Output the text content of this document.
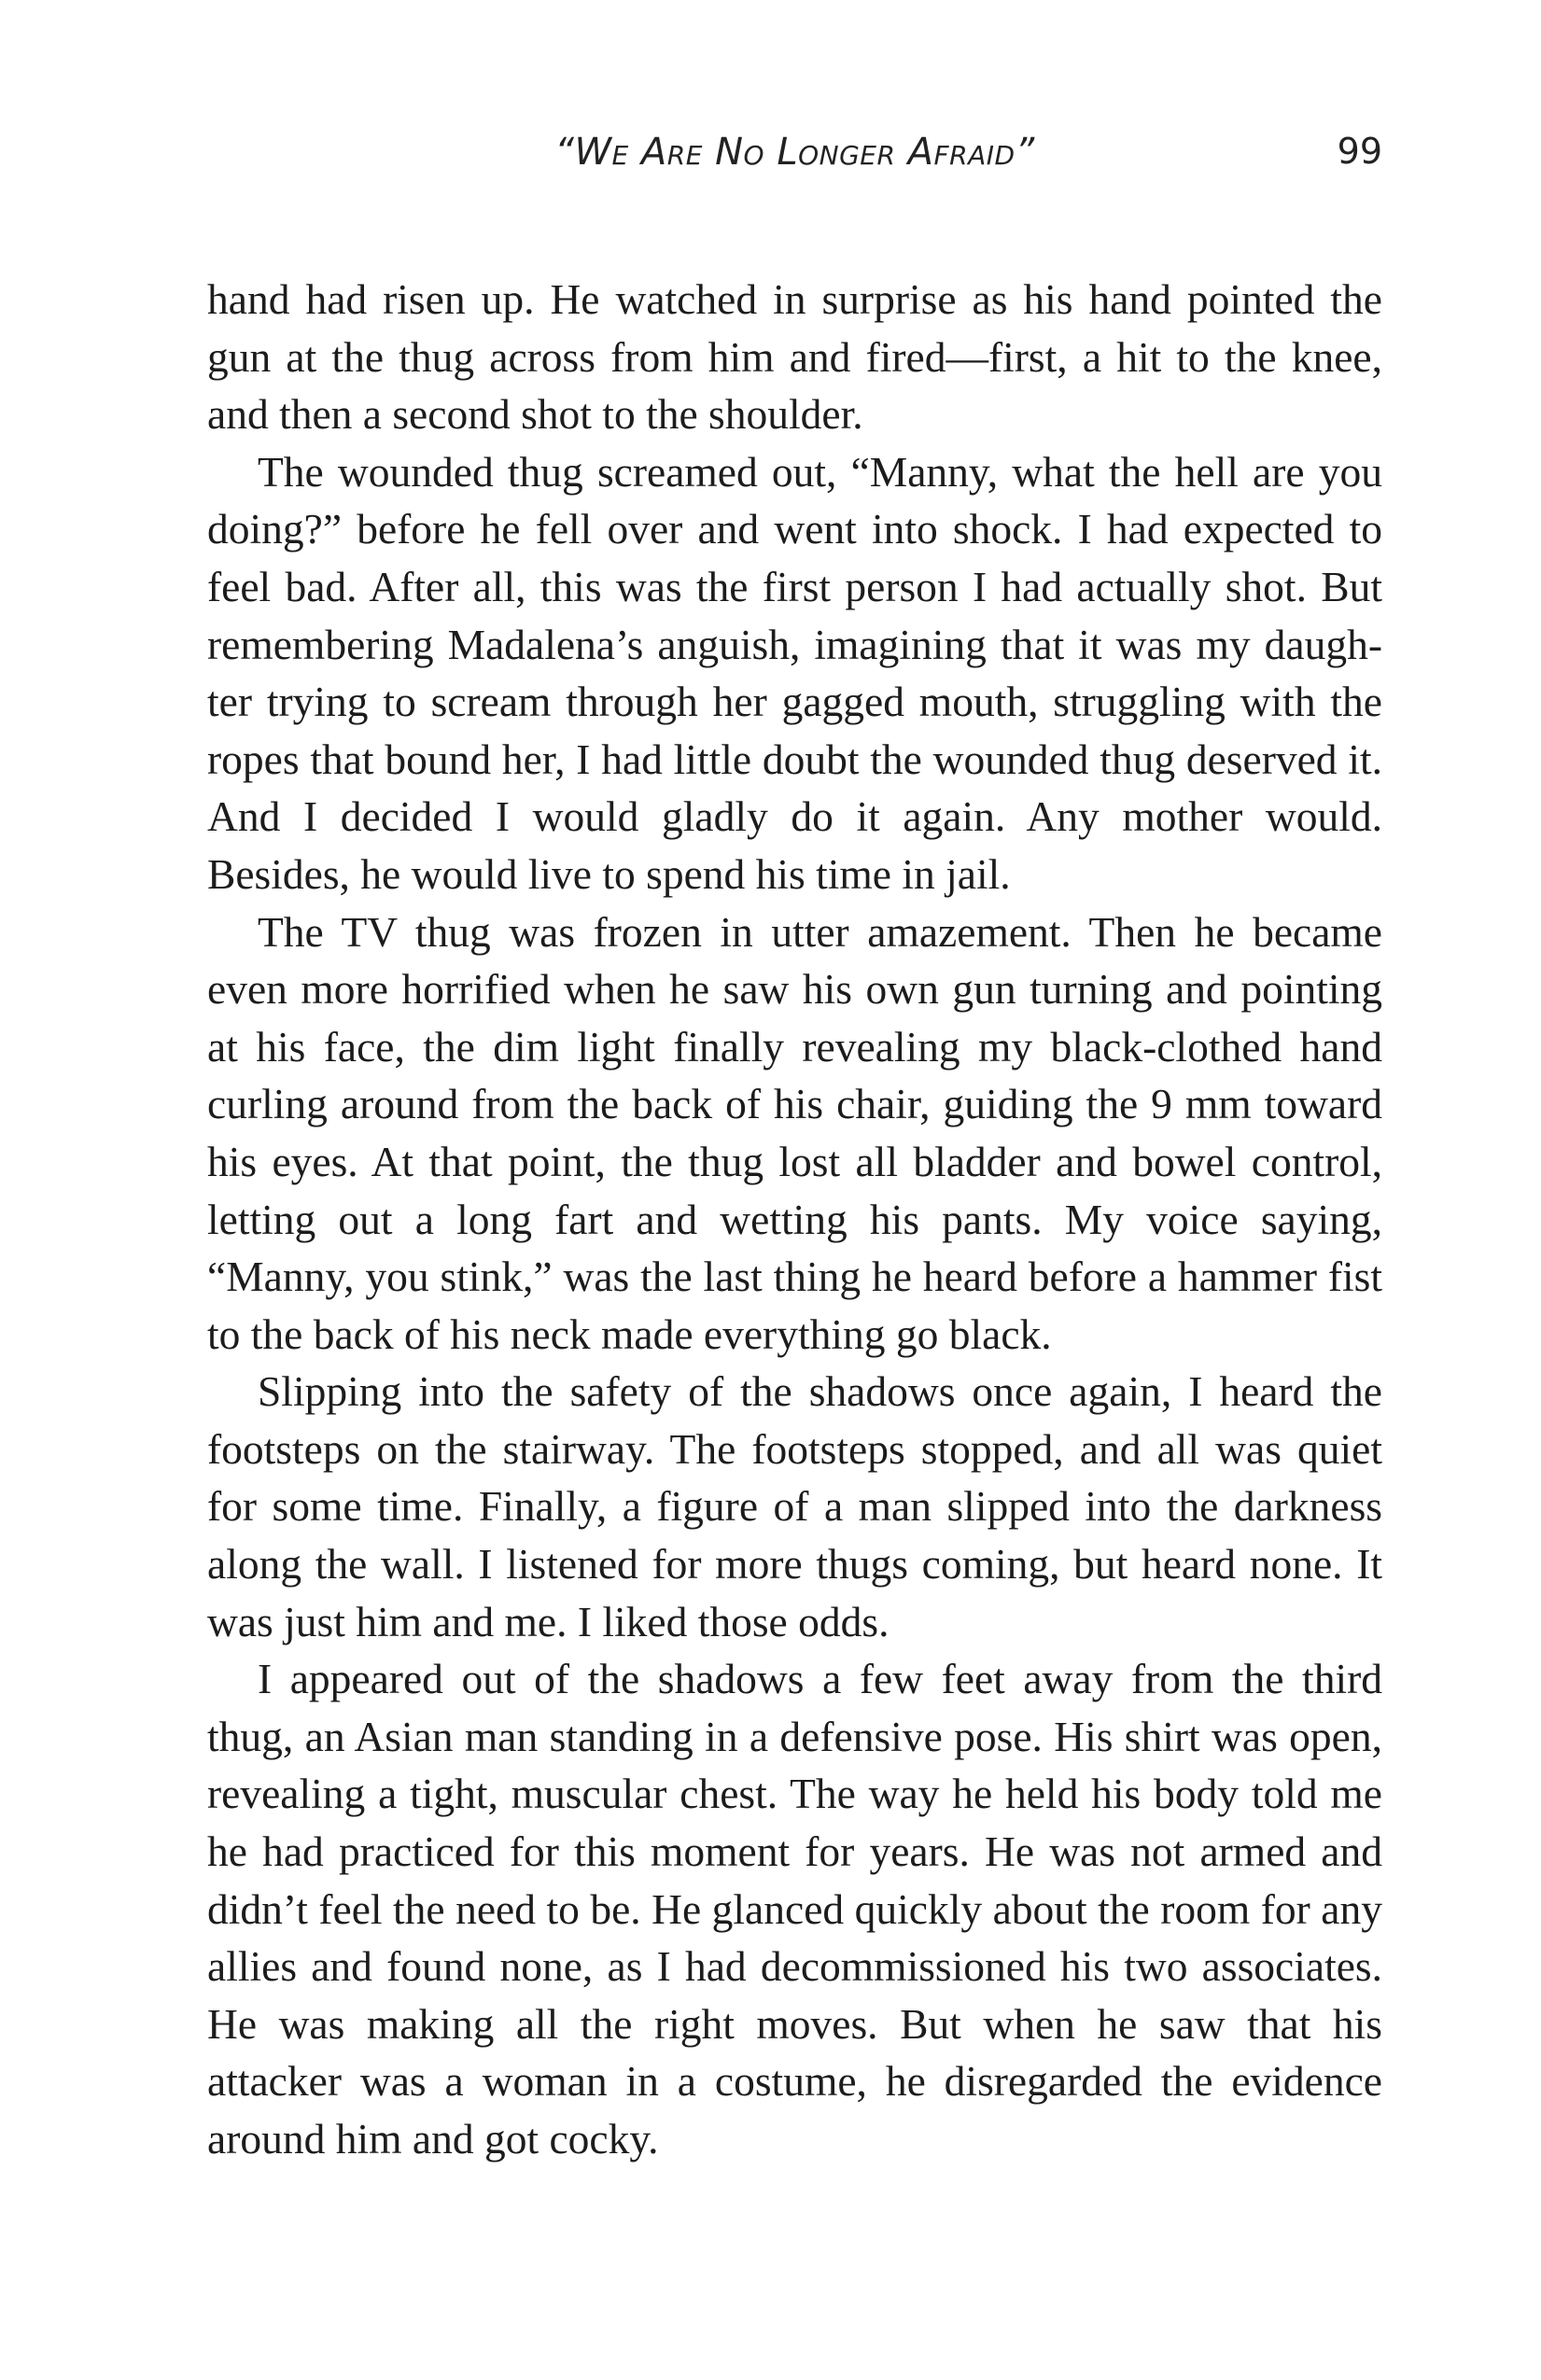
“We Are No Longer Afraid”	99

hand had risen up. He watched in surprise as his hand pointed the gun at the thug across from him and fired—first, a hit to the knee, and then a second shot to the shoulder.

The wounded thug screamed out, “Manny, what the hell are you doing?” before he fell over and went into shock. I had expected to feel bad. After all, this was the first person I had actually shot. But remembering Madalena’s anguish, imagining that it was my daughter trying to scream through her gagged mouth, struggling with the ropes that bound her, I had little doubt the wounded thug deserved it. And I decided I would gladly do it again. Any mother would. Besides, he would live to spend his time in jail.

The TV thug was frozen in utter amazement. Then he became even more horrified when he saw his own gun turning and pointing at his face, the dim light finally revealing my black-clothed hand curling around from the back of his chair, guiding the 9 mm toward his eyes. At that point, the thug lost all bladder and bowel control, letting out a long fart and wetting his pants. My voice saying, “Manny, you stink,” was the last thing he heard before a hammer fist to the back of his neck made everything go black.

Slipping into the safety of the shadows once again, I heard the footsteps on the stairway. The footsteps stopped, and all was quiet for some time. Finally, a figure of a man slipped into the darkness along the wall. I listened for more thugs coming, but heard none. It was just him and me. I liked those odds.

I appeared out of the shadows a few feet away from the third thug, an Asian man standing in a defensive pose. His shirt was open, revealing a tight, muscular chest. The way he held his body told me he had practiced for this moment for years. He was not armed and didn’t feel the need to be. He glanced quickly about the room for any allies and found none, as I had decommissioned his two associates. He was making all the right moves. But when he saw that his attacker was a woman in a costume, he disregarded the evidence around him and got cocky.
